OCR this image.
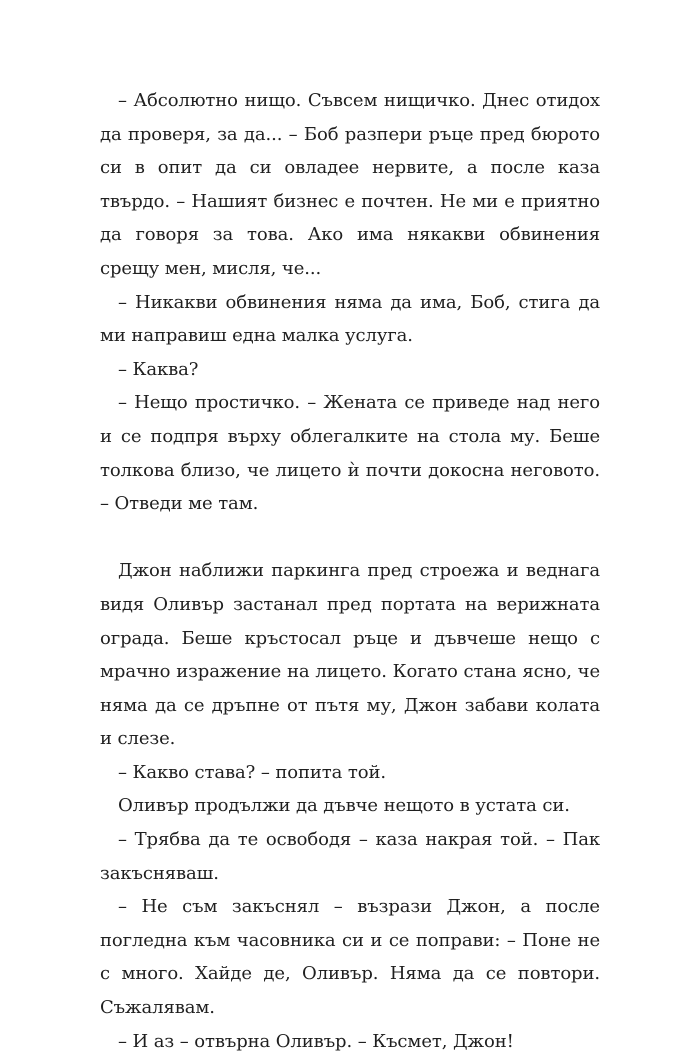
– Абсолютно нищо. Съвсем нищичко. Днес отидох да проверя, за да... – Боб разпери ръце пред бюрото си в опит да си овладее нервите, а после каза твърдо. – Нашият бизнес е почтен. Не ми е приятно да говоря за това. Ако има някакви обвинения срещу мен, мисля, че...

– Никакви обвинения няма да има, Боб, стига да ми направиш една малка услуга.

– Каква?

– Нещо простичко. – Жената се приведе над него и се подпря върху облегалките на стола му. Беше толкова близо, че лицето ѝ почти докосна неговото. – Отведи ме там.

Джон наближи паркинга пред строежа и веднага видя Оливър застанал пред портата на верижната ограда. Беше кръстосал ръце и дъвчеше нещо с мрачно изражение на лицето. Когато стана ясно, че няма да се дръпне от пътя му, Джон забави колата и слезе.

– Какво става? – попита той.

Оливър продължи да дъвче нещото в устата си.

– Трябва да те освободя – каза накрая той. – Пак закъсняваш.

– Не съм закъснял – възрази Джон, а после погледна към часовника си и се поправи: – Поне не с много. Хайде де, Оливър. Няма да се повтори. Съжалявам.

– И аз – отвърна Оливър. – Късмет, Джон!
